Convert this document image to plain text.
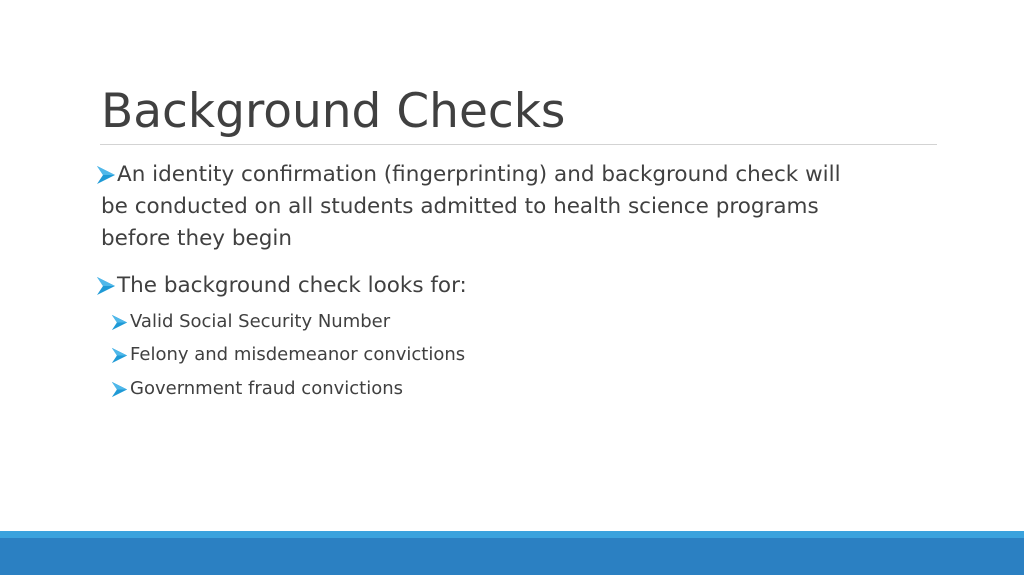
Background Checks
An identity confirmation (fingerprinting) and background check will
be conducted on all students admitted to health science programs
before they begin
The background check looks for:
Valid Social Security Number
Felony and misdemeanor convictions
Government fraud convictions
